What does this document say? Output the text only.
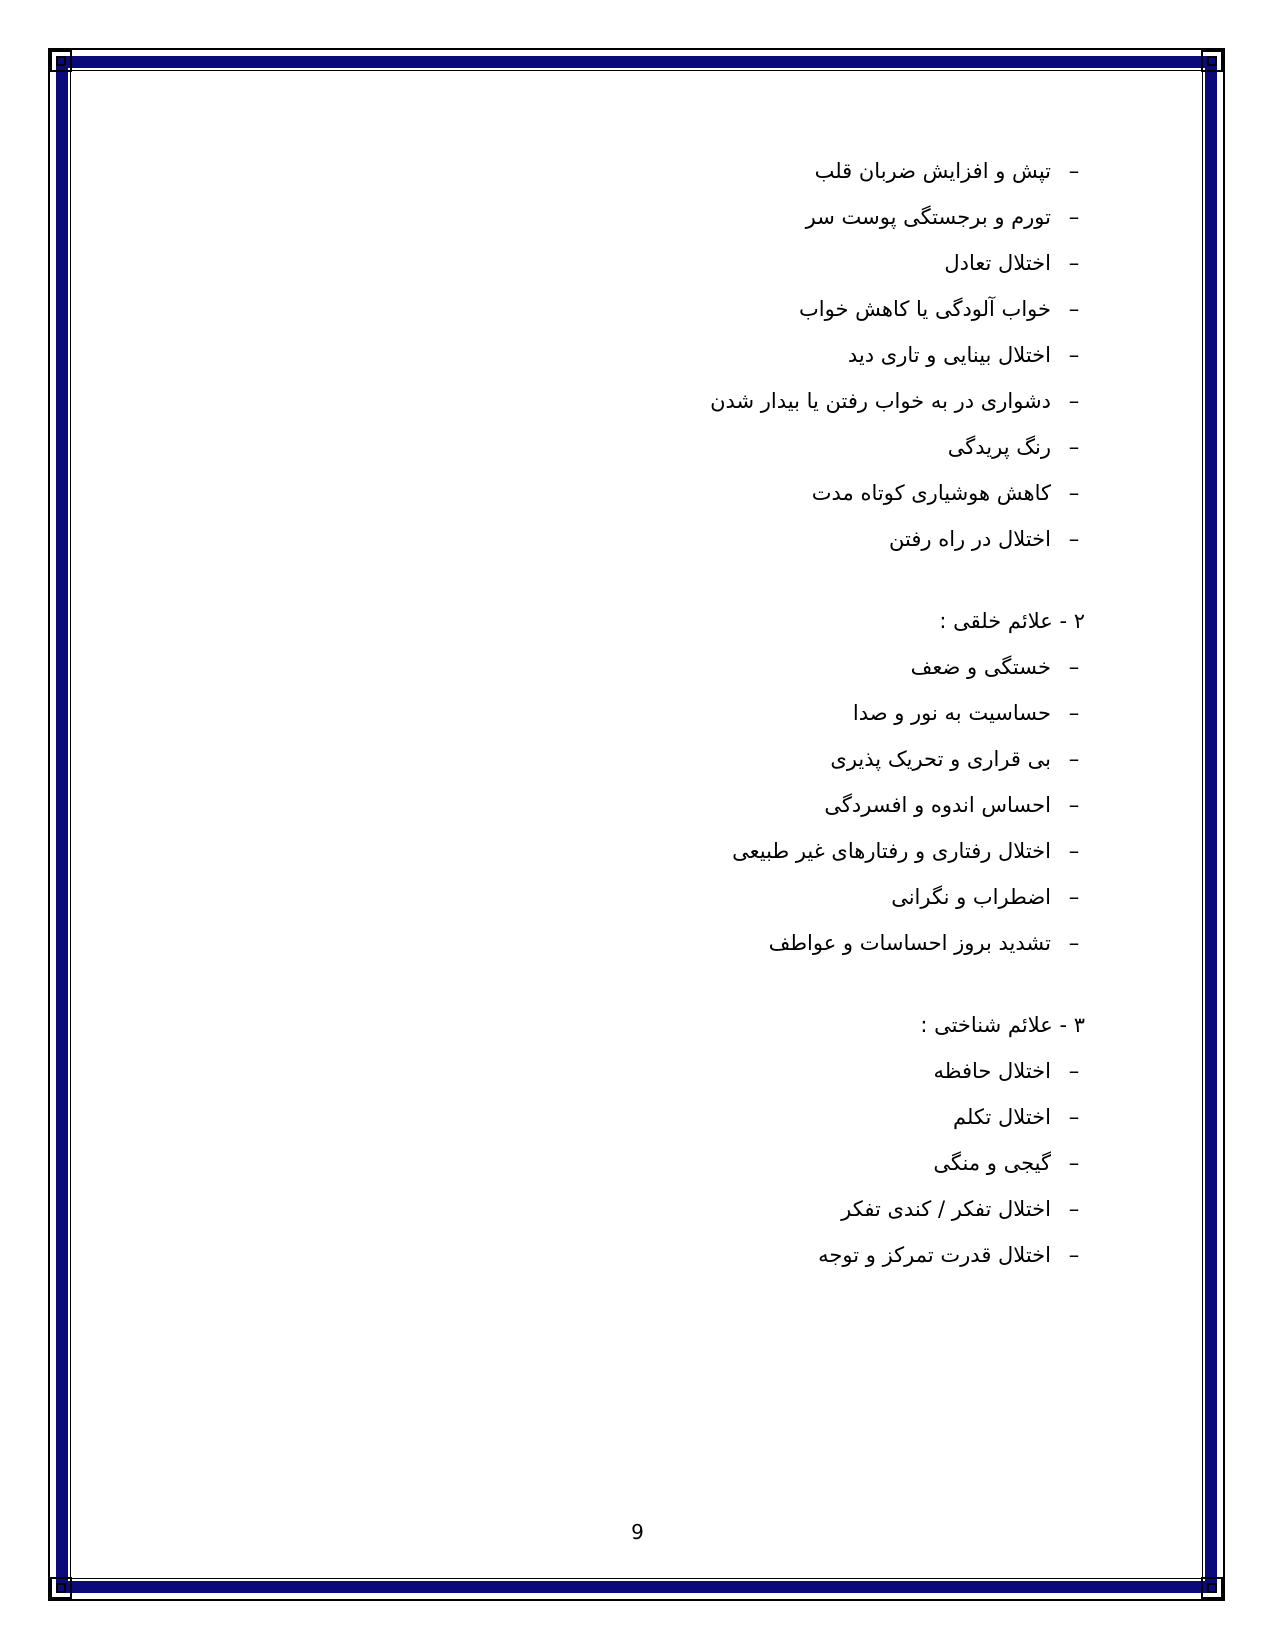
–
تپش و افزایش ضربان قلب
–
تورم و برجستگی پوست سر
–
اختلال تعادل
–
خواب آلودگی یا کاهش خواب
–
اختلال بینایی و تاری دید
–
دشواری در به خواب رفتن یا بیدار شدن
–
رنگ پریدگی
–
کاهش هوشیاری کوتاه مدت
–
اختلال در راه رفتن
۲ - علائم خلقی :
–
خستگی و ضعف
–
حساسیت به نور و صدا
–
بی قراری و تحریک پذیری
–
احساس اندوه و افسردگی
–
اختلال رفتاری و رفتارهای غیر طبیعی
–
اضطراب و نگرانی
–
تشدید بروز احساسات و عواطف
۳ - علائم شناختی :
–
اختلال حافظه
–
اختلال تکلم
–
گیجی و منگی
–
اختلال تفکر / کندی تفکر
–
اختلال قدرت تمرکز و توجه
9
